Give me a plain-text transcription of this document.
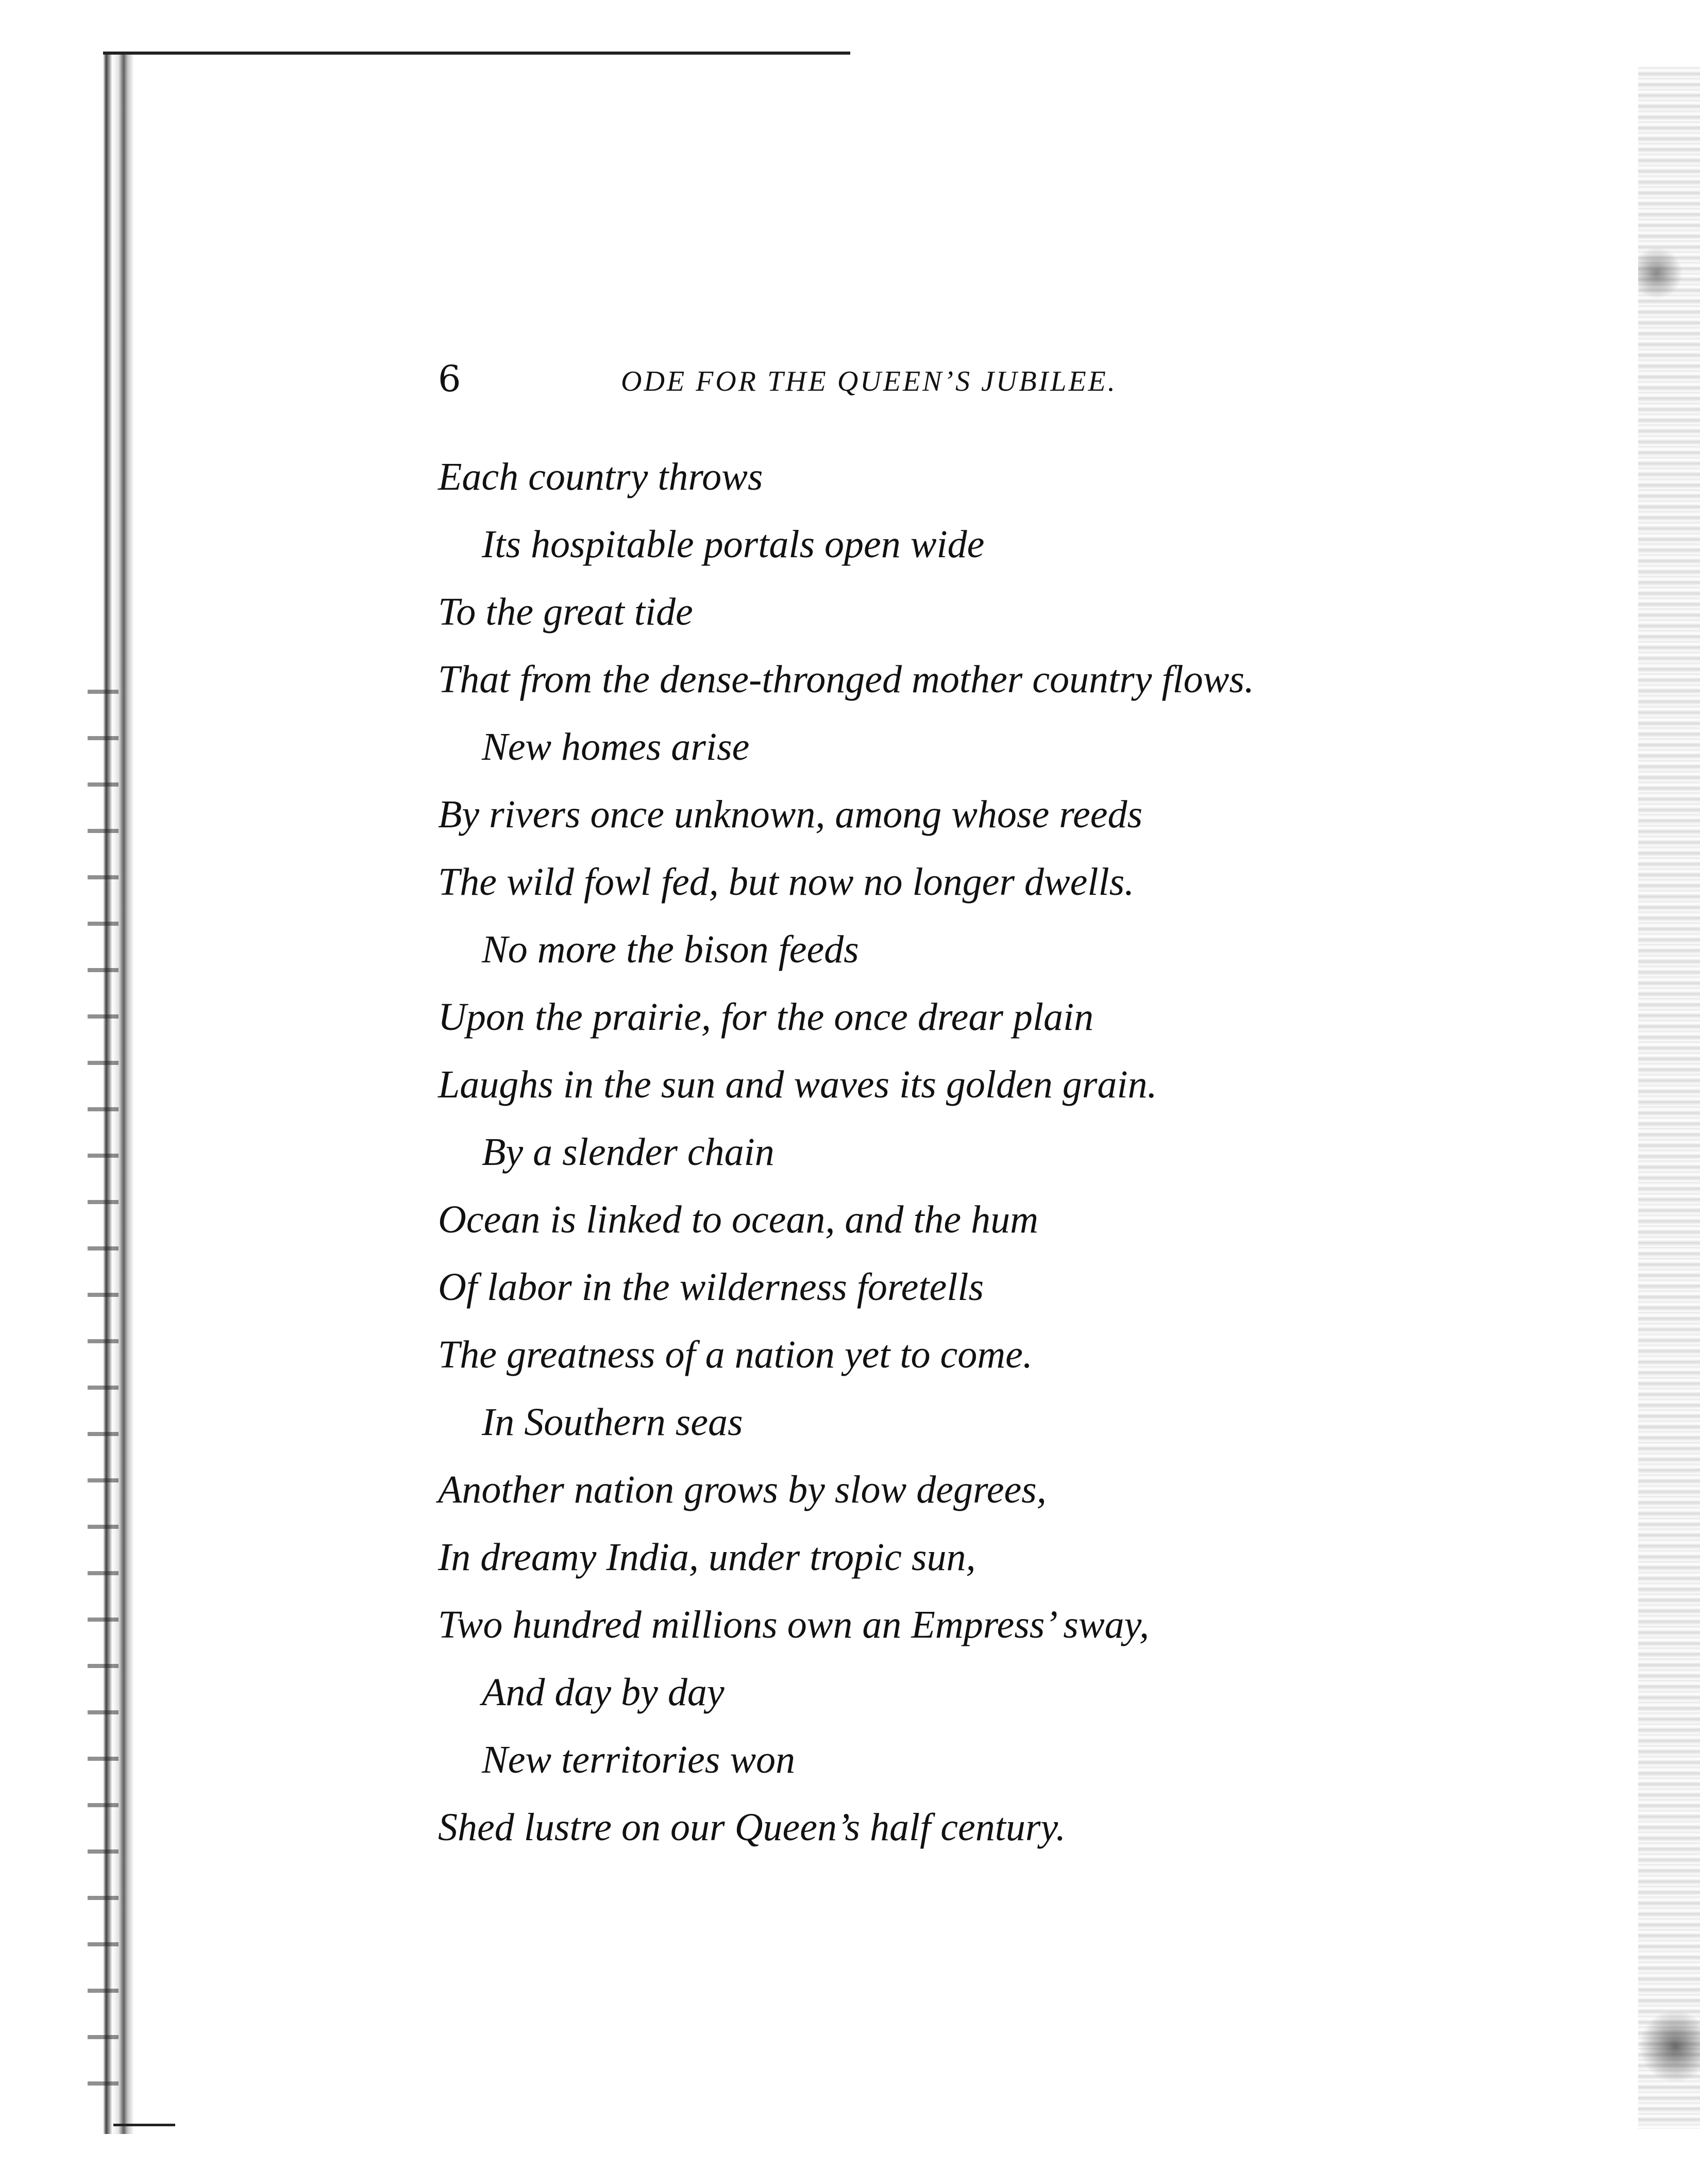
6	ODE FOR THE QUEEN’S JUBILEE.
Each country throws
Its hospitable portals open wide
To the great tide
That from the dense-thronged mother country flows.
New homes arise
By rivers once unknown, among whose reeds
The wild fowl fed, but now no longer dwells.
No more the bison feeds
Upon the prairie, for the once drear plain
Laughs in the sun and waves its golden grain.
By a slender chain
Ocean is linked to ocean, and the hum
Of labor in the wilderness foretells
The greatness of a nation yet to come.
In Southern seas
Another nation grows by slow degrees,
In dreamy India, under tropic sun,
Two hundred millions own an Empress’ sway,
And day by day
New territories won
Shed lustre on our Queen’s half century.
